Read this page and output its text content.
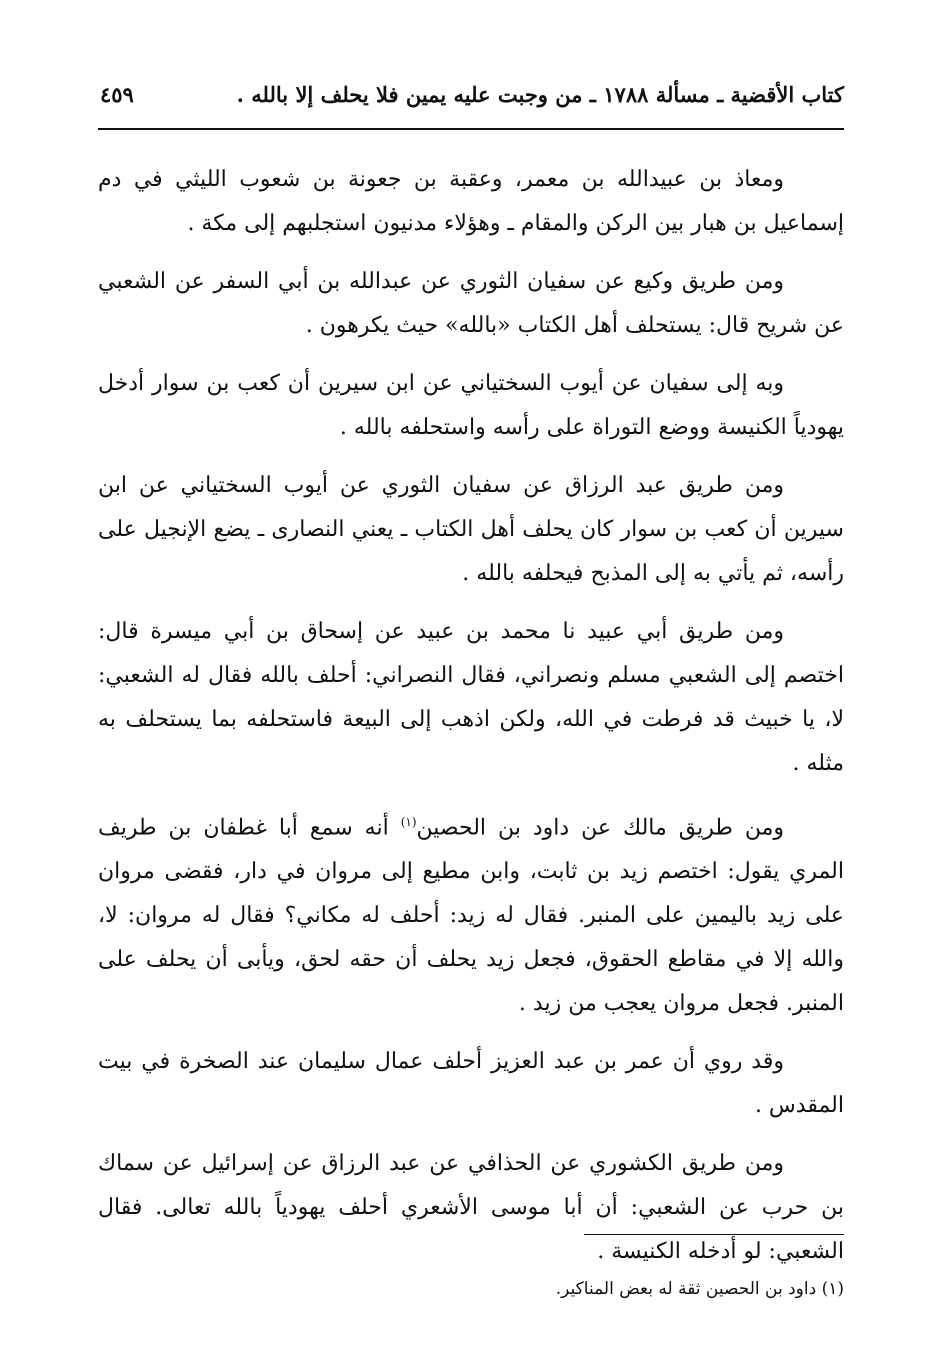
كتاب الأقضية ـ مسألة ١٧٨٨ ـ من وجبت عليه يمين فلا يحلف إلا بالله .
٤٥٩

ومعاذ بن عبيدالله بن معمر، وعقبة بن جعونة بن شعوب الليثي في دم إسماعيل بن هبار بين الركن والمقام ـ وهؤلاء مدنيون استجلبهم إلى مكة .

ومن طريق وكيع عن سفيان الثوري عن عبدالله بن أبي السفر عن الشعبي عن شريح قال: يستحلف أهل الكتاب «بالله» حيث يكرهون .

وبه إلى سفيان عن أيوب السختياني عن ابن سيرين أن كعب بن سوار أدخل يهودياً الكنيسة ووضع التوراة على رأسه واستحلفه بالله .

ومن طريق عبد الرزاق عن سفيان الثوري عن أيوب السختياني عن ابن سيرين أن كعب بن سوار كان يحلف أهل الكتاب ـ يعني النصارى ـ يضع الإنجيل على رأسه، ثم يأتي به إلى المذبح فيحلفه بالله .

ومن طريق أبي عبيد نا محمد بن عبيد عن إسحاق بن أبي ميسرة قال: اختصم إلى الشعبي مسلم ونصراني، فقال النصراني: أحلف بالله فقال له الشعبي: لا، يا خبيث قد فرطت في الله، ولكن اذهب إلى البيعة فاستحلفه بما يستحلف به مثله .

ومن طريق مالك عن داود بن الحصين$^{(١)}$ أنه سمع أبا غطفان بن طريف المري يقول: اختصم زيد بن ثابت، وابن مطيع إلى مروان في دار، فقضى مروان على زيد باليمين على المنبر. فقال له زيد: أحلف له مكاني؟ فقال له مروان: لا، والله إلا في مقاطع الحقوق، فجعل زيد يحلف أن حقه لحق، ويأبى أن يحلف على المنبر. فجعل مروان يعجب من زيد .

وقد روي أن عمر بن عبد العزيز أحلف عمال سليمان عند الصخرة في بيت المقدس .

ومن طريق الكشوري عن الحذافي عن عبد الرزاق عن إسرائيل عن سماك بن حرب عن الشعبي: أن أبا موسى الأشعري أحلف يهودياً بالله تعالى. فقال الشعبي: لو أدخله الكنيسة .

(١) داود بن الحصين ثقة له بعض المناكير.
